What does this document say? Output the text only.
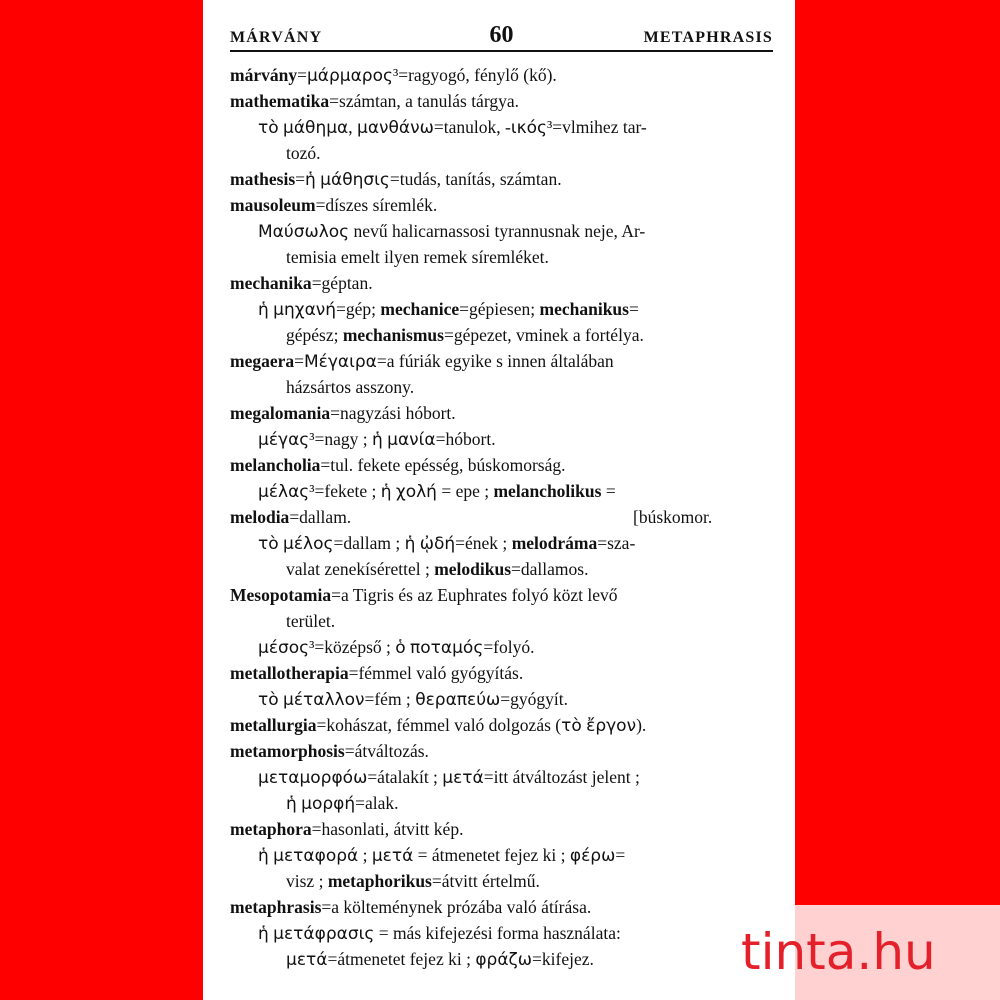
MÁRVÁNY	60	METAPHRASIS
márvány=μάρμαρος³=ragyogó, fénylő (kő).
mathematika=számtan, a tanulás tárgya.
τὸ μάθημα, μανθάνω=tanulok, -ικός³=vlmihez tar-
tozó.
mathesis=ἡ μάθησις=tudás, tanítás, számtan.
mausoleum=díszes síremlék.
Μαύσωλος nevű halicarnassosi tyrannusnak neje, Ar-
temisia emelt ilyen remek síremléket.
mechanika=géptan.
ἡ μηχανή=gép; mechanice=gépiesen; mechanikus=
gépész; mechanismus=gépezet, vminek a fortélya.
megaera=Μέγαιρα=a fúriák egyike s innen általában
házsártos asszony.
megalomania=nagyzási hóbort.
μέγας³=nagy ; ἡ μανία=hóbort.
melancholia=tul. fekete epésség, búskomorság.
μέλας³=fekete ; ἡ χολή = epe ; melancholikus =
melodia=dallam.	[búskomor.
τὸ μέλος=dallam ; ἡ ᾠδή=ének ; melodráma=sza-
valat zenekísérettel ; melodikus=dallamos.
Mesopotamia=a Tigris és az Euphrates folyó közt levő
terület.
μέσος³=középső ; ὁ ποταμός=folyó.
metallotherapia=fémmel való gyógyítás.
τὸ μέταλλον=fém ; θεραπεύω=gyógyít.
metallurgia=kohászat, fémmel való dolgozás (τὸ ἔργον).
metamorphosis=átváltozás.
μεταμορφόω=átalakít ; μετά=itt átváltozást jelent ;
ἡ μορφή=alak.
metaphora=hasonlati, átvitt kép.
ἡ μεταφορά ; μετά = átmenetet fejez ki ; φέρω=
visz ; metaphorikus=átvitt értelmű.
metaphrasis=a költeménynek prózába való átírása.
ἡ μετάφρασις = más kifejezési forma használata:
μετά=átmenetet fejez ki ; φράζω=kifejez.	tinta.hu
